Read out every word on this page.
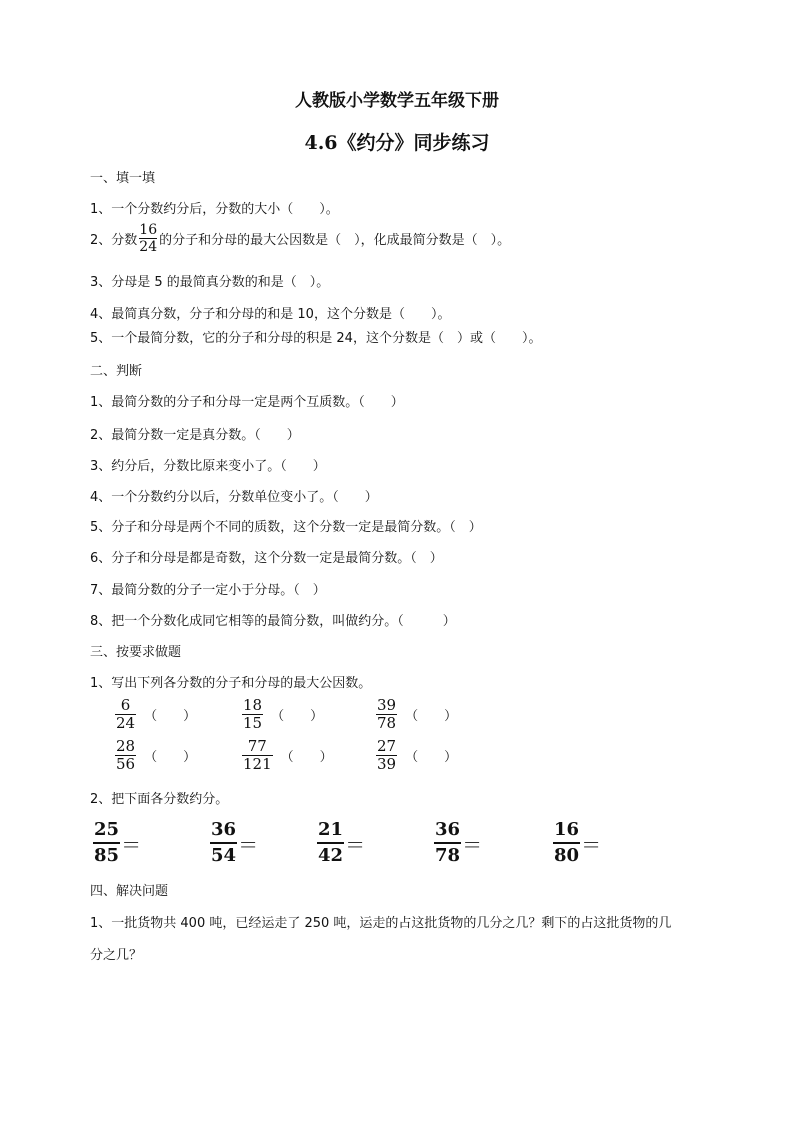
人教版小学数学五年级下册
4.6《约分》同步练习
一、填一填
1、一个分数约分后，分数的大小（　　）。
2、分数 $\frac{16}{24}$ 的分子和分母的最大公因数是（　），化成最简分数是（　）。
3、分母是 5 的最简真分数的和是（　）。
4、最简真分数，分子和分母的和是 10，这个分数是（　　）。
5、一个最简分数，它的分子和分母的积是 24，这个分数是（　）或（　　）。
二、判断
1、最简分数的分子和分母一定是两个互质数。（　　）
2、最简分数一定是真分数。（　　）
3、约分后，分数比原来变小了。（　　）
4、一个分数约分以后，分数单位变小了。（　　）
5、分子和分母是两个不同的质数，这个分数一定是最简分数。（　）
6、分子和分母是都是奇数，这个分数一定是最简分数。（　）
7、最简分数的分子一定小于分母。（　）
8、把一个分数化成同它相等的最简分数，叫做约分。（　　　）
三、按要求做题
1、写出下列各分数的分子和分母的最大公因数。
$\frac{6}{24}$ （　　）	$\frac{18}{15}$ （　　）	$\frac{39}{78}$ （　　）
$\frac{28}{56}$ （　　）	$\frac{77}{121}$ （　　）	$\frac{27}{39}$ （　　）
2、把下面各分数约分。
$\frac{25}{85}$ ＝	$\frac{36}{54}$ ＝	$\frac{21}{42}$ ＝	$\frac{36}{78}$ ＝	$\frac{16}{80}$ ＝
四、解决问题
1、一批货物共 400 吨，已经运走了 250 吨，运走的占这批货物的几分之几？剩下的占这批货物的几
分之几？
